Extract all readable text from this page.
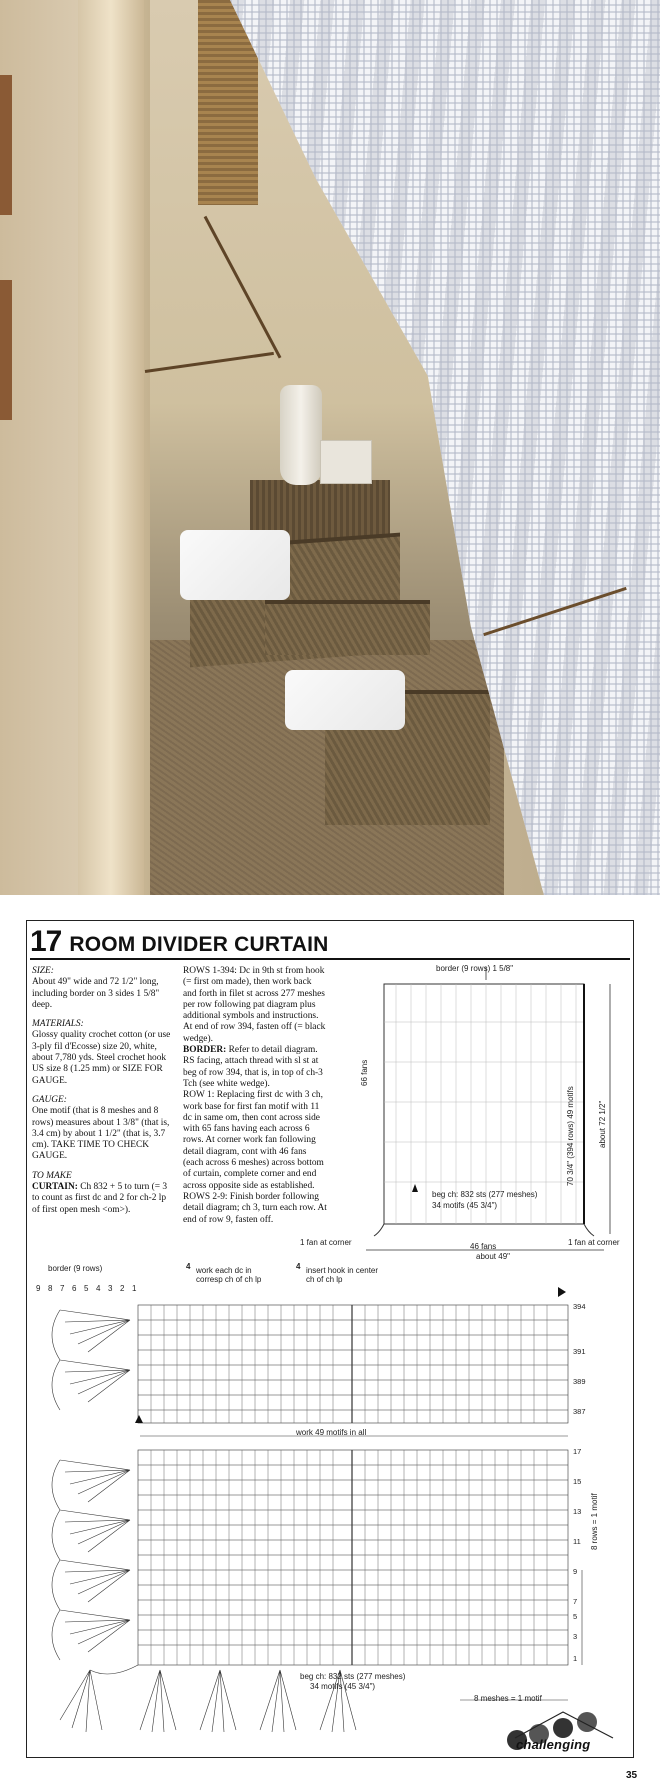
17 ROOM DIVIDER CURTAIN
SIZE:

About 49" wide and 72 1/2" long, including border on 3 sides 1 5/8" deep.

MATERIALS:

Glossy quality crochet cotton (or use 3-ply fil d'Ecosse) size 20, white, about 7,780 yds. Steel crochet hook US size 8 (1.25 mm) or SIZE FOR GAUGE.

GAUGE:

One motif (that is 8 meshes and 8 rows) measures about 1 3/8" (that is, 3.4 cm) by about 1 1/2" (that is, 3.7 cm). TAKE TIME TO CHECK GAUGE.

TO MAKE

CURTAIN: Ch 832 + 5 to turn (= 3 to count as first dc and 2 for ch-2 lp of first open mesh <om>).

ROWS 1-394: Dc in 9th st from hook (= first om made), then work back and forth in filet st across 277 meshes per row following pat diagram plus additional symbols and instructions. At end of row 394, fasten off (= black wedge).

BORDER: Refer to detail diagram. RS facing, attach thread with sl st at beg of row 394, that is, in top of ch-3 Tch (see white wedge).

ROW 1: Replacing first dc with 3 ch, work base for first fan motif with 11 dc in same om, then cont across side with 65 fans having each across 6 rows. At corner work fan following detail diagram, cont with 46 fans (each across 6 meshes) across bottom of curtain, complete corner and end across opposite side as established. ROWS 2-9: Finish border following detail diagram; ch 3, turn each row. At end of row 9, fasten off.

border (9 rows) 1 5/8"
66 fans
70 3/4" (394 rows) 49 motifs	about 72 1/2"
beg ch: 832 sts (277 meshes)
34 motifs (45 3/4")
1 fan at corner	46 fans	1 fan at corner
about 49"
border (9 rows)
9 8 7 6 5 4 3 2 1
4 work each dc in corresp ch of ch lp
4 insert hook in center ch of ch lp
394
391
389
387
work 49 motifs in all
17
15
13
11
9
7
5
3
1
8 rows = 1 motif
beg ch: 832 sts (277 meshes)
34 motifs (45 3/4")
8 meshes = 1 motif
challenging
35
